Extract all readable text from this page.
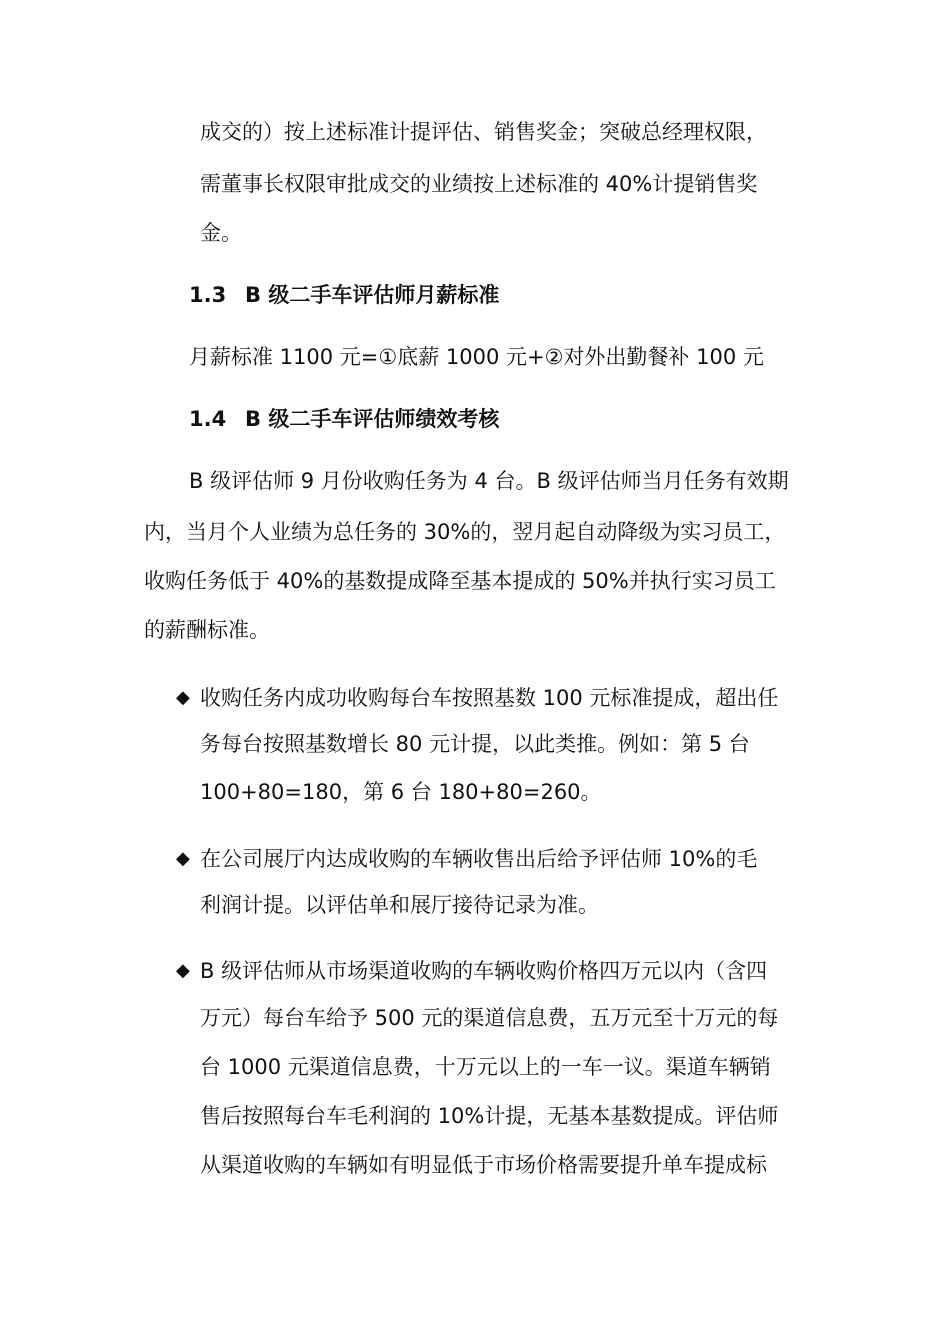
成交的）按上述标准计提评估、销售奖金；突破总经理权限，
需董事长权限审批成交的业绩按上述标准的 40%计提销售奖
金。
1.3 B 级二手车评估师月薪标准
月薪标准 1100 元=①底薪 1000 元+②对外出勤餐补 100 元
1.4 B 级二手车评估师绩效考核
B 级评估师 9 月份收购任务为 4 台。B 级评估师当月任务有效期
内，当月个人业绩为总任务的 30%的，翌月起自动降级为实习员工，
收购任务低于 40%的基数提成降至基本提成的 50%并执行实习员工
的薪酬标准。
◆ 收购任务内成功收购每台车按照基数 100 元标准提成，超出任
务每台按照基数增长 80 元计提，以此类推。例如：第 5 台
100+80=180，第 6 台 180+80=260。
◆ 在公司展厅内达成收购的车辆收售出后给予评估师 10%的毛
利润计提。以评估单和展厅接待记录为准。
◆ B 级评估师从市场渠道收购的车辆收购价格四万元以内（含四
万元）每台车给予 500 元的渠道信息费，五万元至十万元的每
台 1000 元渠道信息费，十万元以上的一车一议。渠道车辆销
售后按照每台车毛利润的 10%计提，无基本基数提成。评估师
从渠道收购的车辆如有明显低于市场价格需要提升单车提成标
